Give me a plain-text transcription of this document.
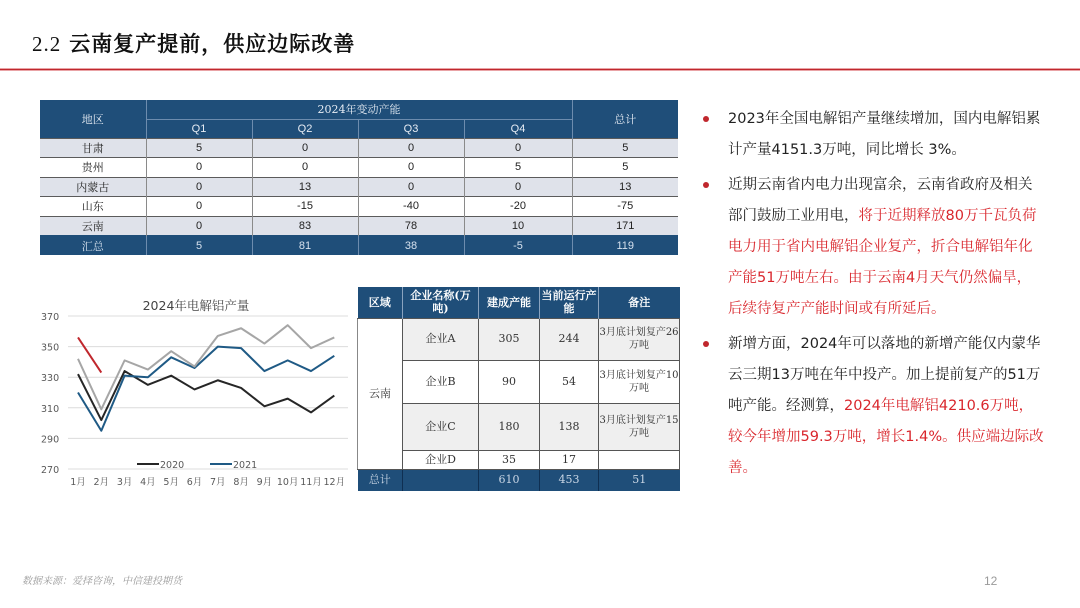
2.2 云南复产提前，供应边际改善
地区	2024年变动产能				总计
	Q1	Q2	Q3	Q4	
甘肃	5	0	0	0	5
贵州	0	0	0	5	5
内蒙古	0	13	0	0	13
山东	0	-15	-40	-20	-75
云南	0	83	78	10	171
汇总	5	81	38	-5	119
2024年电解铝产量
270
290
310
330
350
370
1月 2月 3月 4月 5月 6月 7月 8月 9月 10月 11月 12月
2020	2021
区域	企业名称(万吨)	建成产能	当前运行产能	备注
云南	企业A	305	244	3月底计划复产26万吨
	企业B	90	54	3月底计划复产10万吨
	企业C	180	138	3月底计划复产15万吨
	企业D	35	17	
总计		610	453	51
2023年全国电解铝产量继续增加，国内电解铝累计产量4151.3万吨，同比增长 3%。
近期云南省内电力出现富余，云南省政府及相关部门鼓励工业用电，将于近期释放80万千瓦负荷电力用于省内电解铝企业复产，折合电解铝年化产能51万吨左右。由于云南4月天气仍然偏旱，后续待复产产能时间或有所延后。
新增方面，2024年可以落地的新增产能仅内蒙华云三期13万吨在年中投产。加上提前复产的51万吨产能。经测算，2024年电解铝4210.6万吨，较今年增加59.3万吨，增长1.4%。供应端边际改善。
数据来源：爱择咨询，中信建投期货	12
